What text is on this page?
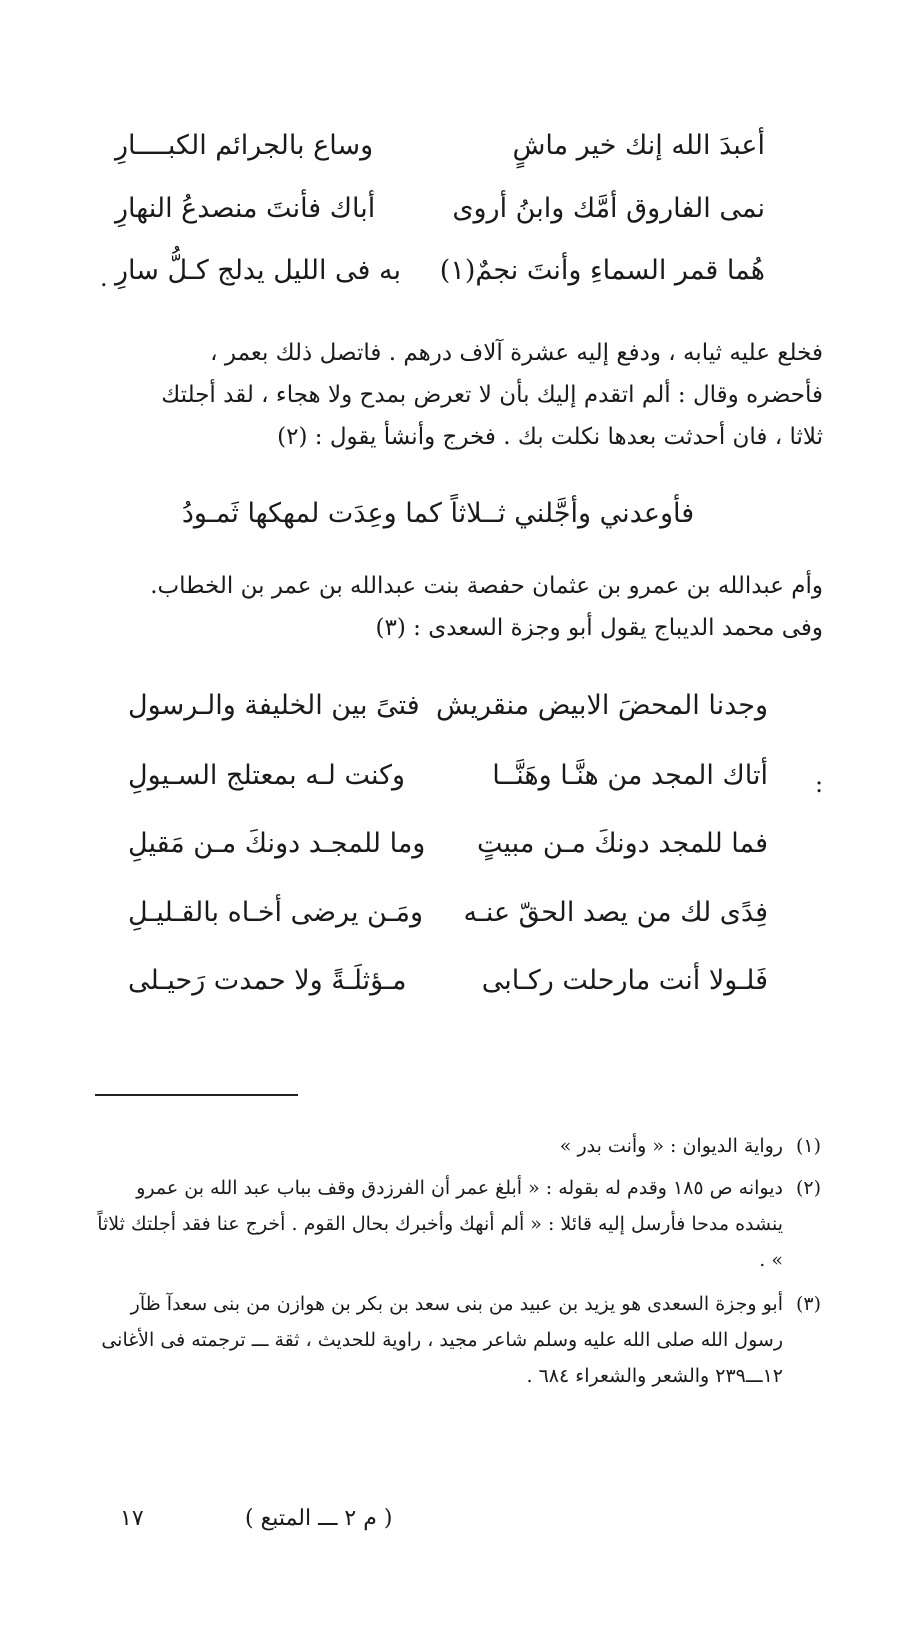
أعبدَ الله إنك خير ماشٍ
وساع بالجرائم الكبــــارِ
نمى الفاروق أمَّك وابنُ أروى
أباك فأنتَ منصدعُ النهارِ
هُما قمر السماءِ وأنتَ نجمٌ(١)
به فى الليل يدلج كـلُّ سارِ
.

فخلع عليه ثيابه ، ودفع إليه عشرة آلاف درهم . فاتصل ذلك بعمر ،

فأحضره وقال : ألم اتقدم إليك بأن لا تعرض بمدح ولا هجاء ، لقد أجلتك

ثلاثا ، فان أحدثت بعدها نكلت بك . فخرج وأنشأ يقول : (٢)

فأوعدني وأجَّلني ثــلاثاً كما وعِدَت لمهكها ثَمـودُ

وأم عبدالله بن عمرو بن عثمان حفصة بنت عبدالله بن عمر بن الخطاب.

وفى محمد الديباج يقول أبو وجزة السعدى : (٣)

وجدنا المحضَ الابيض منقريش
فتىً بين الخليفة والـرسول
أتاك المجد من هنَّـا وهَنَّــا
وكنت لـه بمعتلج السـيولِ
فما للمجد دونكَ مـن مبيتٍ
وما للمجـد دونكَ مـن مَقيلِ
فِدًى لك من يصد الحقّ عنـه
ومَـن يرضى أخـاه بالقـليـلِ
فَلـولا أنت مارحلت ركـابى
مـؤثلَـةً ولا حمدت رَحيـلى
:
(١)
رواية الديوان : « وأنت بدر »
(٢)
ديوانه ص ١٨٥ وقدم له بقوله : « أبلغ عمر أن الفرزدق وقف بباب عبد الله بن عمرو ينشده مدحا فأرسل إليه قائلا : « ألم أنهك وأخبرك بحال القوم . أخرج عنا فقد أجلتك ثلاثاً » .
(٣)
أبو وجزة السعدى هو يزيد بن عبيد من بنى سعد بن بكر بن هوازن من بنى سعدآ ظآر رسول الله صلى الله عليه وسلم شاعر مجيد ، راوية للحديث ، ثقة ـــ ترجمته فى الأغانى ١٢ـــ٢٣٩ والشعر والشعراء ٦٨٤ .
١٧	( م ٢ ـــ المتبع )
